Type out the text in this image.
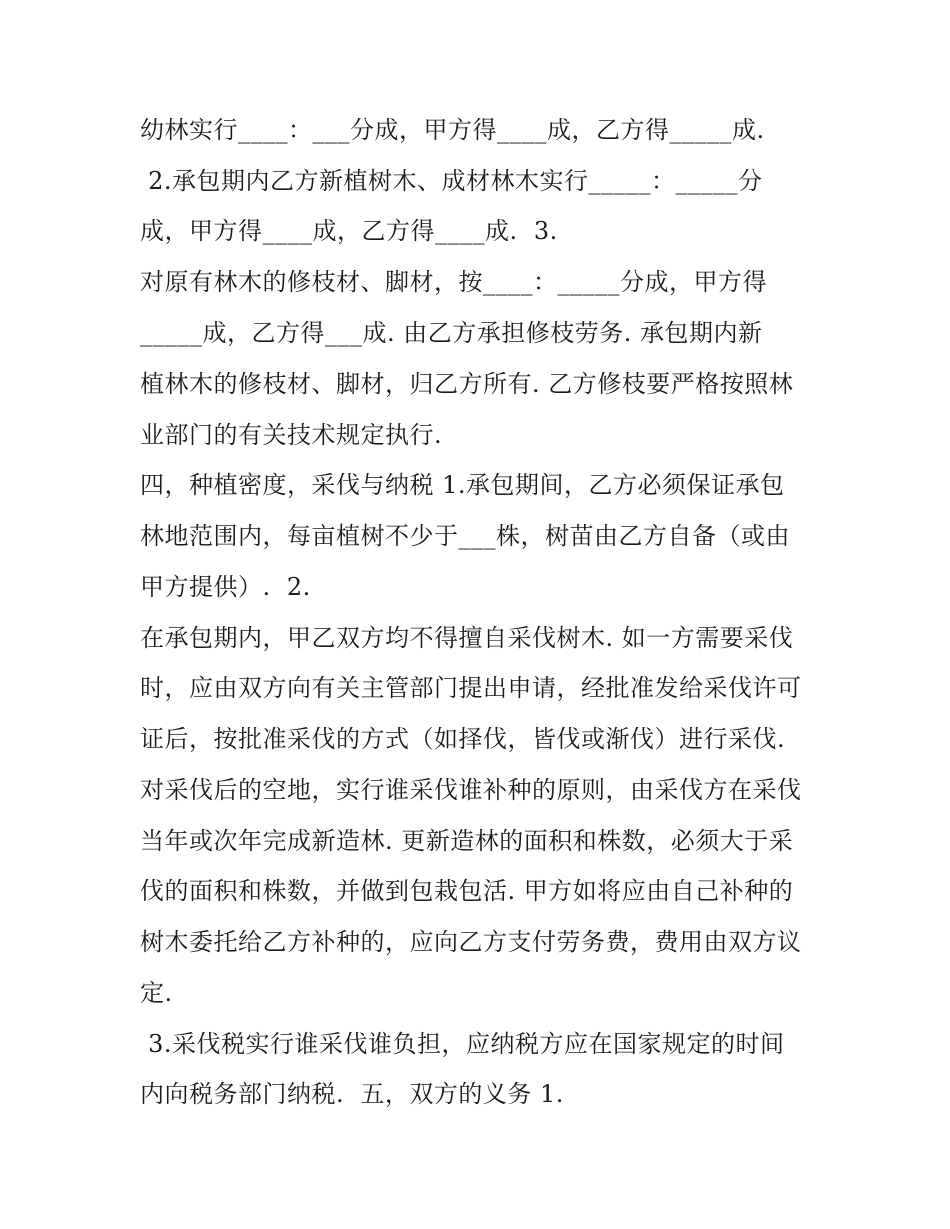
幼林实行____：___分成，甲方得____成，乙方得_____成.

2.承包期内乙方新植树木、成材林木实行_____：_____分

成，甲方得____成，乙方得____成.  3.

对原有林木的修枝材、脚材，按____：_____分成，甲方得

_____成，乙方得___成. 由乙方承担修枝劳务. 承包期内新

植林木的修枝材、脚材，归乙方所有. 乙方修枝要严格按照林

业部门的有关技术规定执行.

四，种植密度，采伐与纳税 1.承包期间，乙方必须保证承包

林地范围内，每亩植树不少于___株，树苗由乙方自备（或由

甲方提供）.  2.

在承包期内，甲乙双方均不得擅自采伐树木. 如一方需要采伐

时，应由双方向有关主管部门提出申请，经批准发给采伐许可

证后，按批准采伐的方式（如择伐，皆伐或渐伐）进行采伐.

对采伐后的空地，实行谁采伐谁补种的原则，由采伐方在采伐

当年或次年完成新造林. 更新造林的面积和株数，必须大于采

伐的面积和株数，并做到包栽包活. 甲方如将应由自己补种的

树木委托给乙方补种的，应向乙方支付劳务费，费用由双方议

定.

3.采伐税实行谁采伐谁负担，应纳税方应在国家规定的时间

内向税务部门纳税.  五，双方的义务 1.
